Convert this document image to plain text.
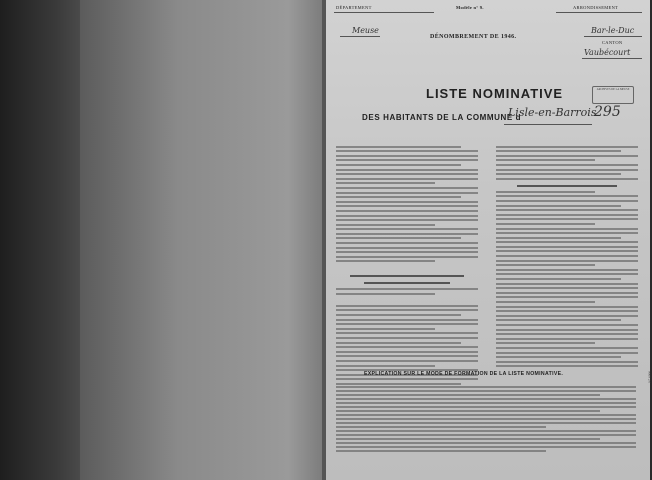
DÉPARTEMENT	Modèle n° 9.	ARRONDISSEMENT
Meuse	Bar-le-Duc
DÉNOMBREMENT DE 1946.
CANTON
Vaubécourt
ARCHIVES DE LA MEUSE
LISTE NOMINATIVE
DES HABITANTS DE LA COMMUNE d
Lisle-en-Barrois
295
EXPLICATION SUR LE MODE DE FORMATION DE LA LISTE NOMINATIVE.	N° 6906.
